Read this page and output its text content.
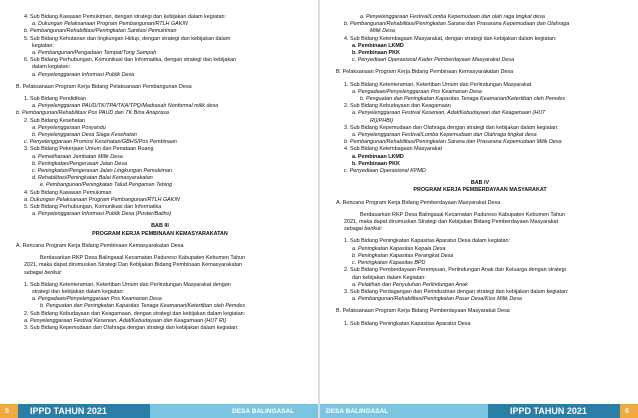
4. Sub Bidang Kawasan Pemukiman, dengan strategi dan kebijakan dalam kegiatan:
a. Dukungan Pelaksanaan Program Pembangunan/RTLH GAKIN
b. Pembangunan/Rehabilitasi/Peningkatan Sanitasi Pemukiman
5. Sub Bidang Kehutanan dan lingkungan Hidup, dengan strategi dan kebijakan dalam
kegiatan:
a. Pembangunan/Pengadaan Tempat/Tong Sampah
6. Sub Bidang Perhubungan, Komunikasi dan Informatika, dengan strategi dan kebijakan
dalam kegiatan:
a. Penyelenggaraan Informasi Publik Desa
B. Pelaksanaan Program Kerja Bidang Pelaksanaan Pembangunan Desa
1. Sub Bidang Pendidikan
a. Penyelenggaraan PAUD/TK/TPA/TKA/TPQ/Madrasah Nonformal milik desa
b. Pembangunan/Rehabilitasi Pos PAUD dan TK Bina Anaprasa
2. Sub Bidang Kesehatan
a. Penyelenggaraan Posyandu
b. Penyelenggaraan Desa Siaga Kesehatan
c. Penyelenggaraan Promosi Kesehatan/GBHS/Pos Pembinaan
3. Sub Bidang Pekerjaan Umum dan Penataan Ruang
a. Pemeliharaan Jembatan Milik Desa
b. Peningkatan/Pengerasan Jalan Desa
c. Peningkatan/Pengerasan Jalan Lingkungan Pemukiman
d. Rehabilitasi/Peningkatan Balai Kemasyarakatan
e. Pembangunan/Peningkatan Talud Pengaman Tebing
4. Sub Bidang Kawasan Pemukiman
a. Dukungan Pelaksanaan Program Pembangunan/RTLH GAKIN
5. Sub Bidang Perhubungan, Komunikasi dan Informatika
a. Penyelenggaraan Informasi Publik Desa (Poster/Baliho)
BAB III
PROGRAM KERJA PEMBINAAN KEMASYARAKATAN
A. Rencana Program Kerja Bidang Pembinaan Kemasyarakatan Desa
Berdasarkan RKP Desa Balingasal Kecamatan Padureso Kabupaten Kebumen Tahun
2021, maka dapat dirumuskan Strategi Dan Kebijakan Bidang Pembinaan Kemasyarakatan
sebagai berikut:
1. Sub Bidang Ketenteraman, Ketertiban Umum dan Perlindungan Masyarakat dengan
strategi dan kebijakan dalam kegiatan:
a. Pengadaan/Penyelenggaraan Pos Keamanan Desa
b. Penguatan dan Peningkatan Kapasitas Tenaga Keamanan/Ketertiban oleh Pemdes
2. Sub Bidang Kebudayaan dan Keagamaan, dengan strategi dan kebijakan dalam kegiatan:
a. Penyelenggaraan Festival Kesenian, Adat/Kebudayaan dan Keagamaan (HUT RI)
3. Sub Bidang Kepemudaan dan Olahraga dengan strategi dan kebijakan dalam kegiatan:
5 IPPD TAHUN 2021	DESA BALINGASAL
a. Penyelenggaraan Festival/Lomba Kepemudaan dan olah raga tingkat desa
b. Pembangunan/Rehabilitasi/Peningkatan Sarana dan Prasarana Kepemudaan dan Olahraga
Milik Desa
4. Sub Bidang Kelembagaan Masyarakat, dengan strategi dan kebijakan dalam kegiatan:
a. Pembinaan LKMD
b. Pembinaan PKK
c. Penyediaan Operasional Kader Pemberdayaan Masyarakat Desa
B. Pelaksanaan Program Kerja Bidang Pembinaan Kemasyarakatan Desa
1. Sub Bidang Ketenteraman, Ketertiban Umum dan Perlindungan Masyarakat
a. Pengadaan/Penyelenggaraan Pos Keamanan Desa
b. Penguatan dan Peningkatan Kapasitas Tenaga Keamanan/Ketertiban oleh Pemdes
2. Sub Bidang Kebudayaan dan Keagamaan
a. Penyelenggaraan Festival Kesenian, Adat/Kebudayaan dan Keagamaan (HUT
RI)/PHBI)
3. Sub Bidang Kepemudaan dan Olahraga dengan strategi dan kebijakan dalam kegiatan:
a. Penyelenggaraan Festival/Lomba Kepemudaan dan Olahraga tingkat desa
b. Pembangunan/Rehabilitasi/Peningkatan Sarana dan Prasarana Kepemudaan Milik Desa
4. Sub Bidang Kelembagaan Masyarakat
a. Pembinaan LKMD
b. Pembinaan PKK
c. Penyediaan Operasional KPMD
BAB IV
PROGRAM KERJA PEMBERDAYAAN MASYARAKAT
A. Rencana Program Kerja Bidang Pemberdayaan Masyarakat Desa
Berdasarkan RKP Desa Balingasal Kecamatan Padureso Kabupaten Kebumen Tahun
2021, maka dapat dirumuskan Strategi dan Kebijakan Bidang Pemberdayaan Masyarakat
sebagai berikut:
1. Sub Bidang Peningkatan Kapasitas Aparatur Desa dalam kegiatan:
a. Peningkatan Kapasitas Kepala Desa
b. Peningkatan Kapasitas Perangkat Desa
c. Peningkatan Kapasitas BPD
2. Sub Bidang Pemberdayaan Perempuan, Perlindungan Anak dan Keluarga dengan strategi
dan kebijakan dalam Kegiatan:
a. Pelatihan dan Penyuluhan Perlindungan Anak
3. Sub Bidang Perdagangan dan Perindustrian dengan strategi dan kebijakan dalam kegiatan:
a. Pembangunan/Rehabilitasi/Peningkatan Pasar Desa/Kios Milik Desa
B. Pelaksanaan Program Kerja Bidang Pemberdayaan Masyarakat Desa
1. Sub Bidang Peningkatan Kapasitas Aparatur Desa
DESA BALINGASAL	IPPD TAHUN 2021	6
